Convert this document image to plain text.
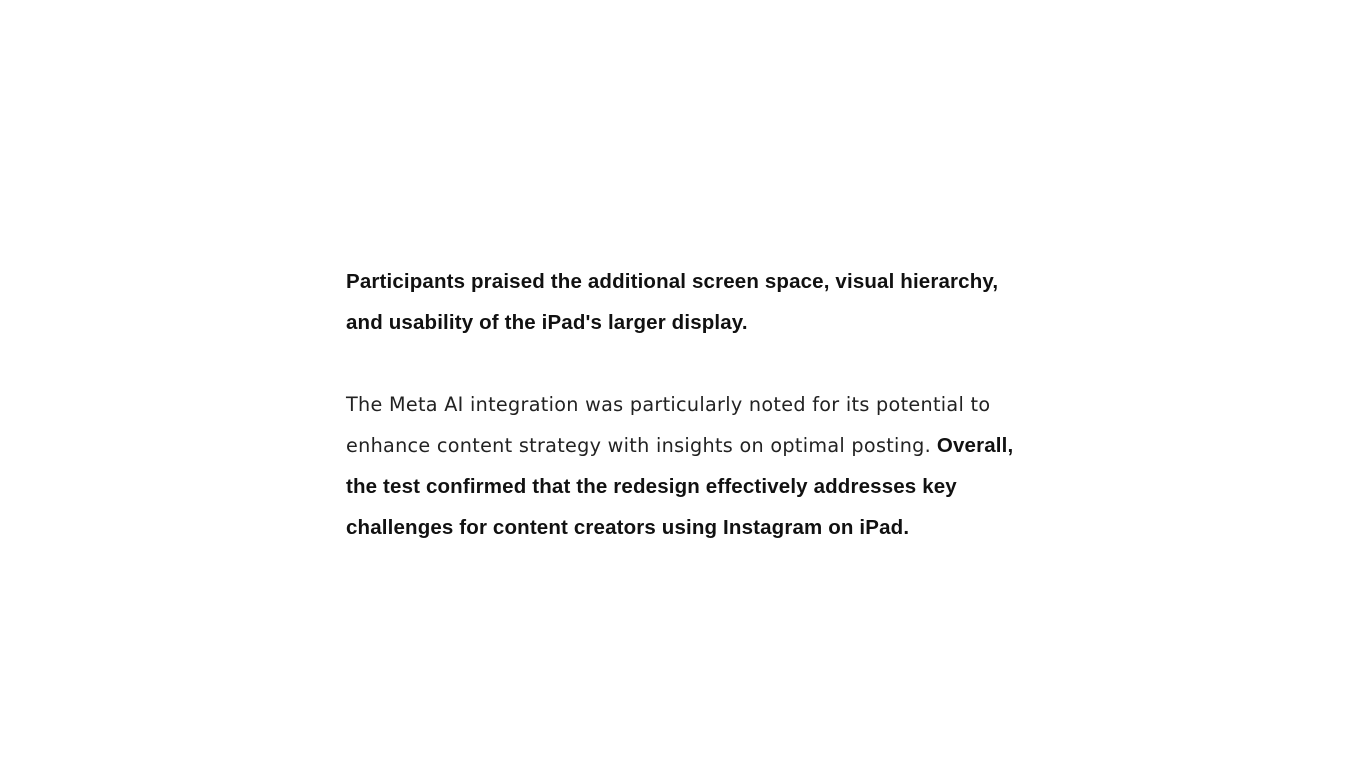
Participants praised the additional screen space, visual hierarchy, and usability of the iPad's larger display.

The Meta AI integration was particularly noted for its potential to enhance content strategy with insights on optimal posting. Overall, the test confirmed that the redesign effectively addresses key challenges for content creators using Instagram on iPad.
